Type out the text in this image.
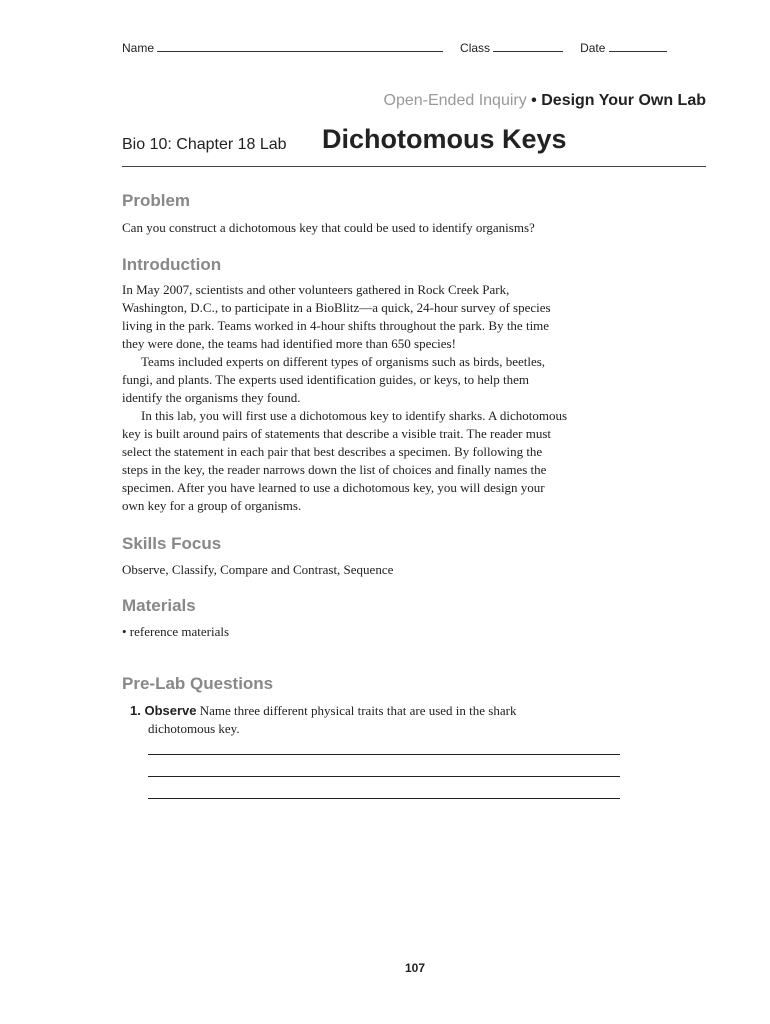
Name	Class	Date
Open-Ended Inquiry • Design Your Own Lab
Bio 10: Chapter 18 Lab Dichotomous Keys
Problem
Can you construct a dichotomous key that could be used to identify organisms?
Introduction

In May 2007, scientists and other volunteers gathered in Rock Creek Park,

Washington, D.C., to participate in a BioBlitz—a quick, 24-hour survey of species

living in the park. Teams worked in 4-hour shifts throughout the park. By the time

they were done, the teams had identified more than 650 species!

Teams included experts on different types of organisms such as birds, beetles,

fungi, and plants. The experts used identification guides, or keys, to help them

identify the organisms they found.

In this lab, you will first use a dichotomous key to identify sharks. A dichotomous

key is built around pairs of statements that describe a visible trait. The reader must

select the statement in each pair that best describes a specimen. By following the

steps in the key, the reader narrows down the list of choices and finally names the

specimen. After you have learned to use a dichotomous key, you will design your

own key for a group of organisms.

Skills Focus
Observe, Classify, Compare and Contrast, Sequence
Materials
• reference materials
Pre-Lab Questions
1. Observe Name three different physical traits that are used in the shark
dichotomous key.
107
